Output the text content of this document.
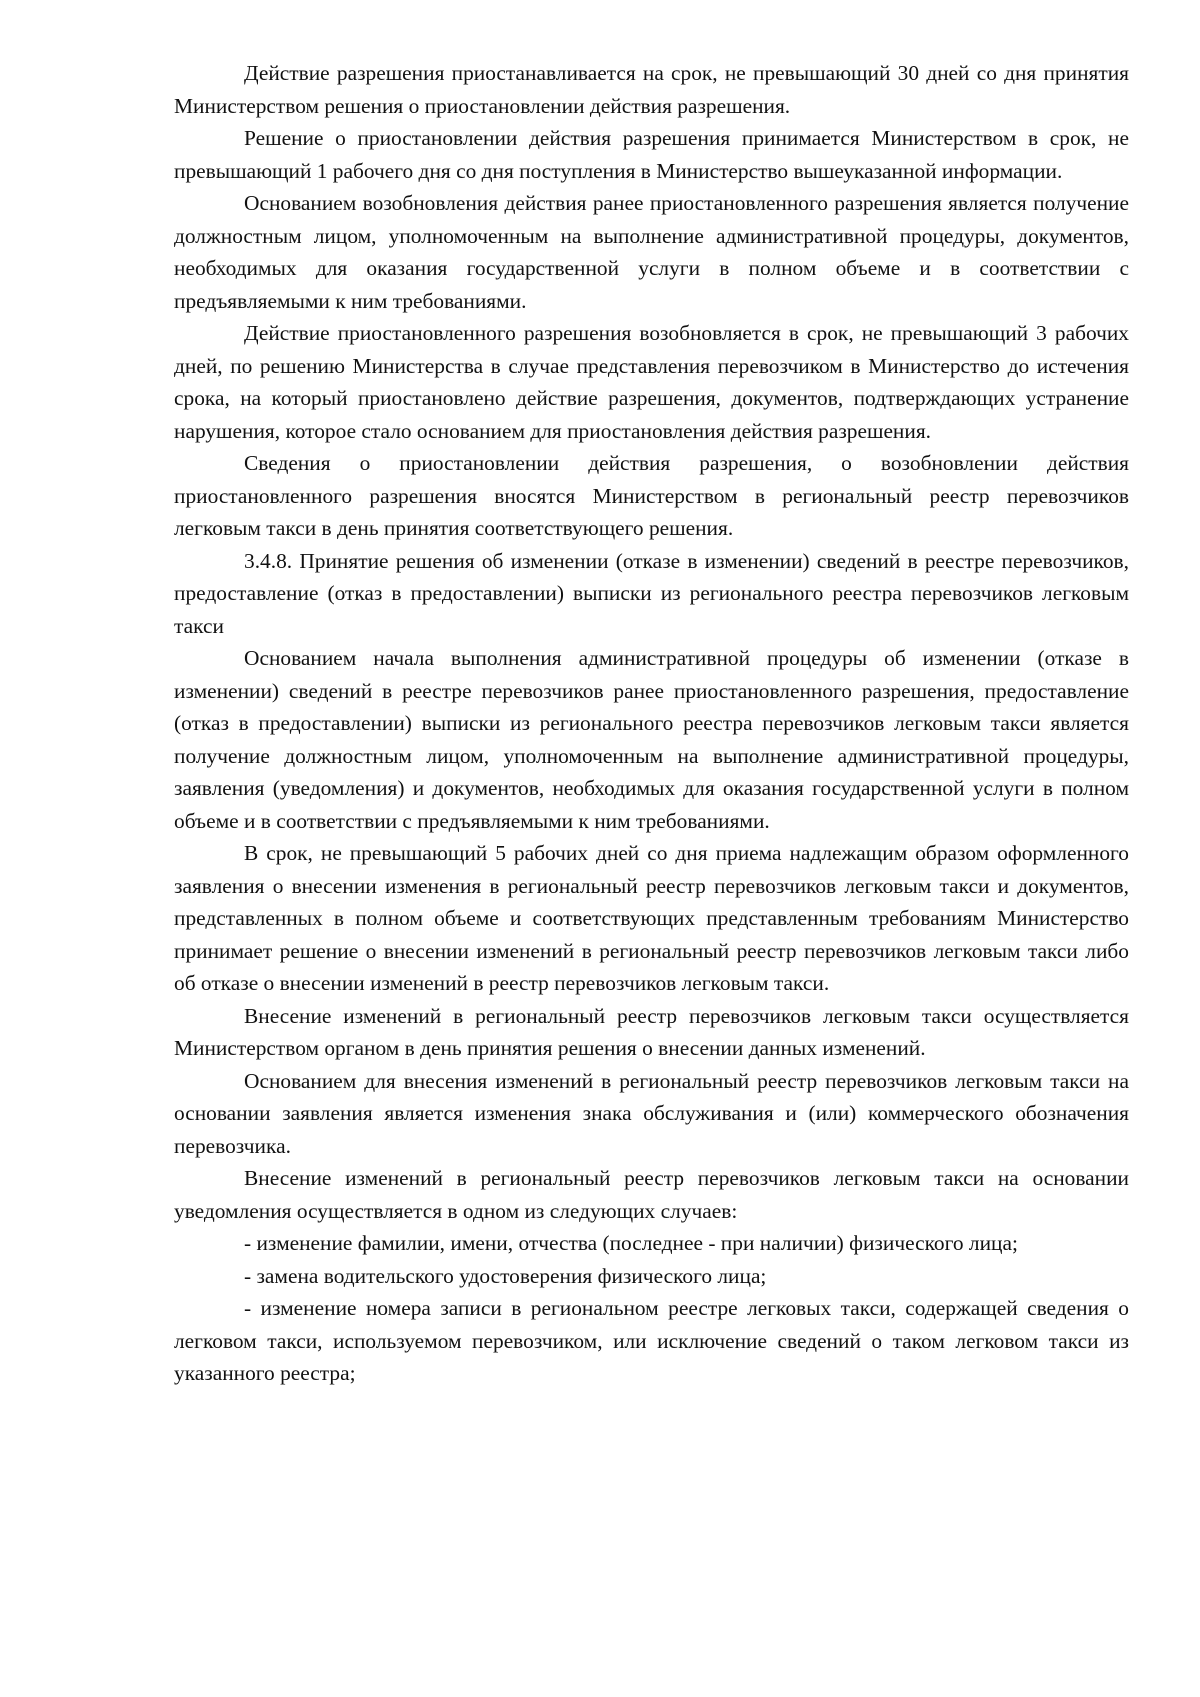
Действие разрешения приостанавливается на срок, не превышающий 30 дней со дня принятия Министерством решения о приостановлении действия разрешения.

Решение о приостановлении действия разрешения принимается Министерством в срок, не превышающий 1 рабочего дня со дня поступления в Министерство вышеуказанной информации.

Основанием возобновления действия ранее приостановленного разрешения является получение должностным лицом, уполномоченным на выполнение административной процедуры, документов, необходимых для оказания государственной услуги в полном объеме и в соответствии с предъявляемыми к ним требованиями.

Действие приостановленного разрешения возобновляется в срок, не превышающий 3 рабочих дней, по решению Министерства в случае представления перевозчиком в Министерство до истечения срока, на который приостановлено действие разрешения, документов, подтверждающих устранение нарушения, которое стало основанием для приостановления действия разрешения.

Сведения о приостановлении действия разрешения, о возобновлении действия приостановленного разрешения вносятся Министерством в региональный реестр перевозчиков легковым такси в день принятия соответствующего решения.

3.4.8. Принятие решения об изменении (отказе в изменении) сведений в реестре перевозчиков, предоставление (отказ в предоставлении) выписки из регионального реестра перевозчиков легковым такси

Основанием начала выполнения административной процедуры об изменении (отказе в изменении) сведений в реестре перевозчиков ранее приостановленного разрешения, предоставление (отказ в предоставлении) выписки из регионального реестра перевозчиков легковым такси является получение должностным лицом, уполномоченным на выполнение административной процедуры, заявления (уведомления) и документов, необходимых для оказания государственной услуги в полном объеме и в соответствии с предъявляемыми к ним требованиями.

В срок, не превышающий 5 рабочих дней со дня приема надлежащим образом оформленного заявления о внесении изменения в региональный реестр перевозчиков легковым такси и документов, представленных в полном объеме и соответствующих представленным требованиям Министерство принимает решение о внесении изменений в региональный реестр перевозчиков легковым такси либо об отказе о внесении изменений в реестр перевозчиков легковым такси.

Внесение изменений в региональный реестр перевозчиков легковым такси осуществляется Министерством органом в день принятия решения о внесении данных изменений.

Основанием для внесения изменений в региональный реестр перевозчиков легковым такси на основании заявления является изменения знака обслуживания и (или) коммерческого обозначения перевозчика.

Внесение изменений в региональный реестр перевозчиков легковым такси на основании уведомления осуществляется в одном из следующих случаев:

- изменение фамилии, имени, отчества (последнее - при наличии) физического лица;

- замена водительского удостоверения физического лица;

- изменение номера записи в региональном реестре легковых такси, содержащей сведения о легковом такси, используемом перевозчиком, или исключение сведений о таком легковом такси из указанного реестра;
